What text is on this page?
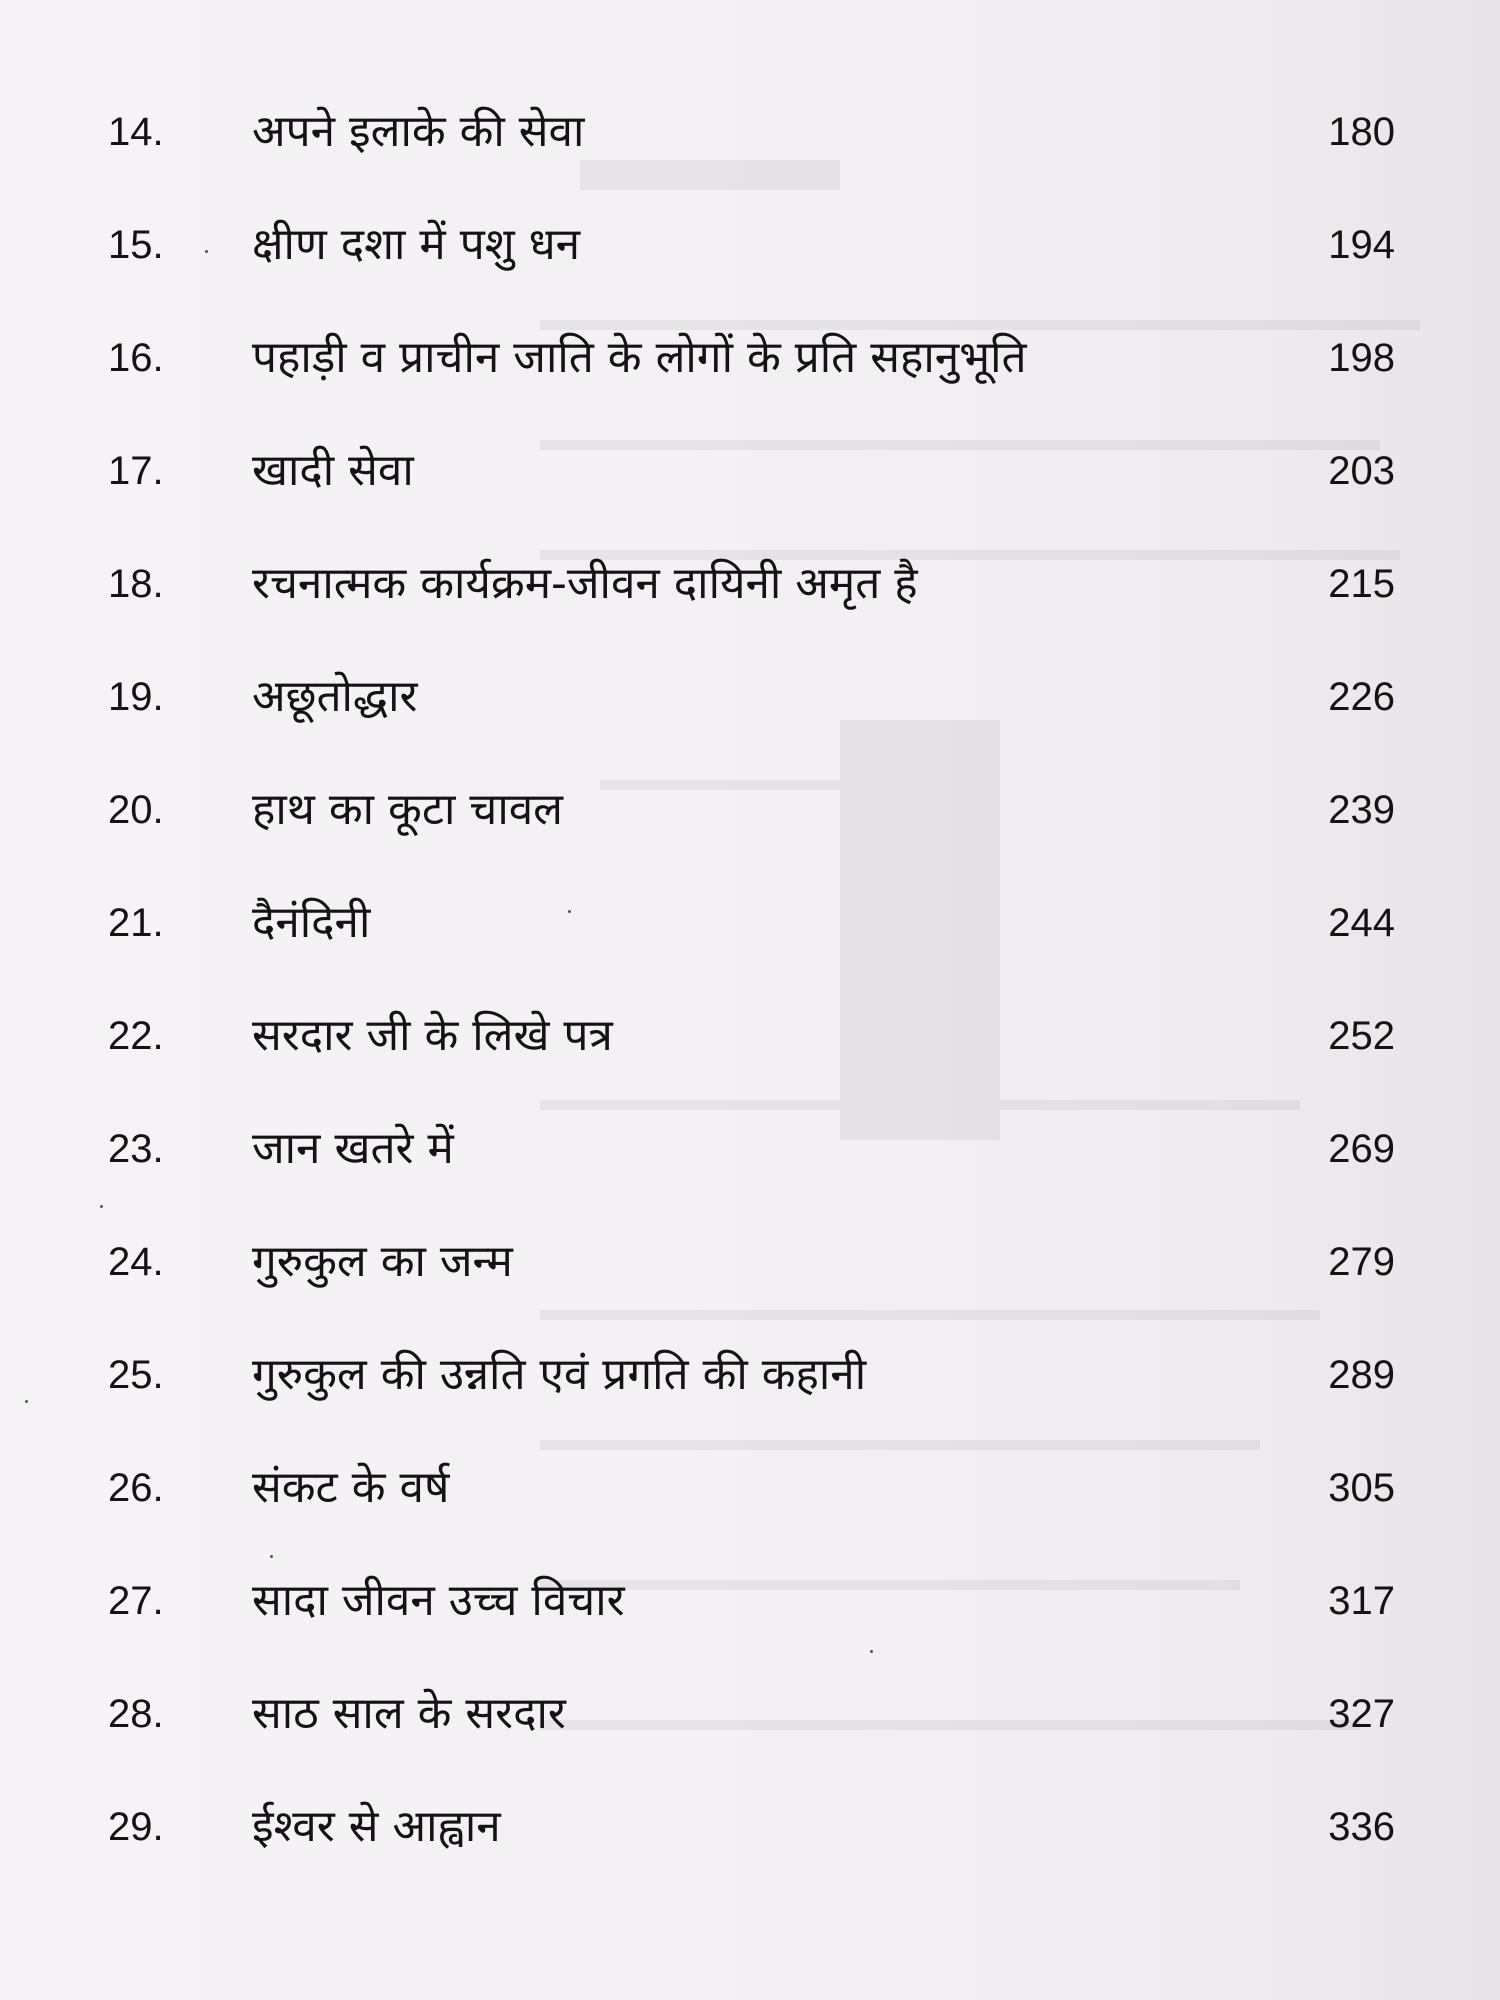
14. अपने इलाके की सेवा	180
15. क्षीण दशा में पशु धन	194
16. पहाड़ी व प्राचीन जाति के लोगों के प्रति सहानुभूति	198
17. खादी सेवा	203
18. रचनात्मक कार्यक्रम-जीवन दायिनी अमृत है	215
19. अछूतोद्धार	226
20. हाथ का कूटा चावल	239
21. दैनंदिनी	244
22. सरदार जी के लिखे पत्र	252
23. जान खतरे में	269
24. गुरुकुल का जन्म	279
25. गुरुकुल की उन्नति एवं प्रगति की कहानी	289
26. संकट के वर्ष	305
27. सादा जीवन उच्च विचार	317
28. साठ साल के सरदार	327
29. ईश्वर से आह्वान	336
